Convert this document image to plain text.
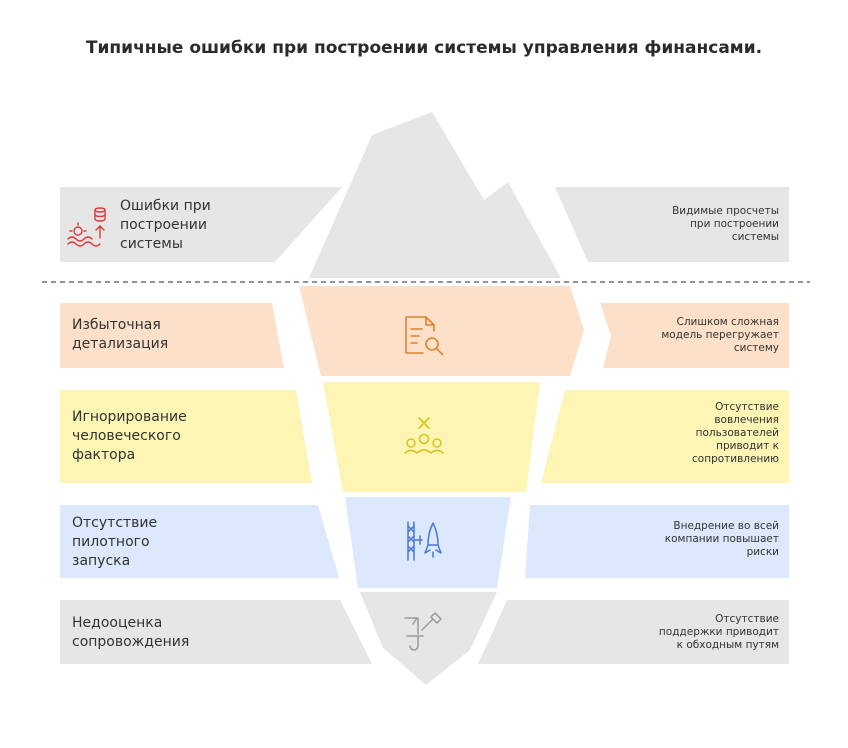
Типичные ошибки при построении системы управления финансами.
Ошибки при
построении
системы
Избыточная
детализация
Игнорирование
человеческого
фактора
Отсутствие
пилотного
запуска
Недооценка
сопровождения
Видимые просчеты
при построении
системы
Слишком сложная
модель перегружает
систему
Отсутствие
вовлечения
пользователей
приводит к
сопротивлению
Внедрение во всей
компании повышает
риски
Отсутствие
поддержки приводит
к обходным путям
